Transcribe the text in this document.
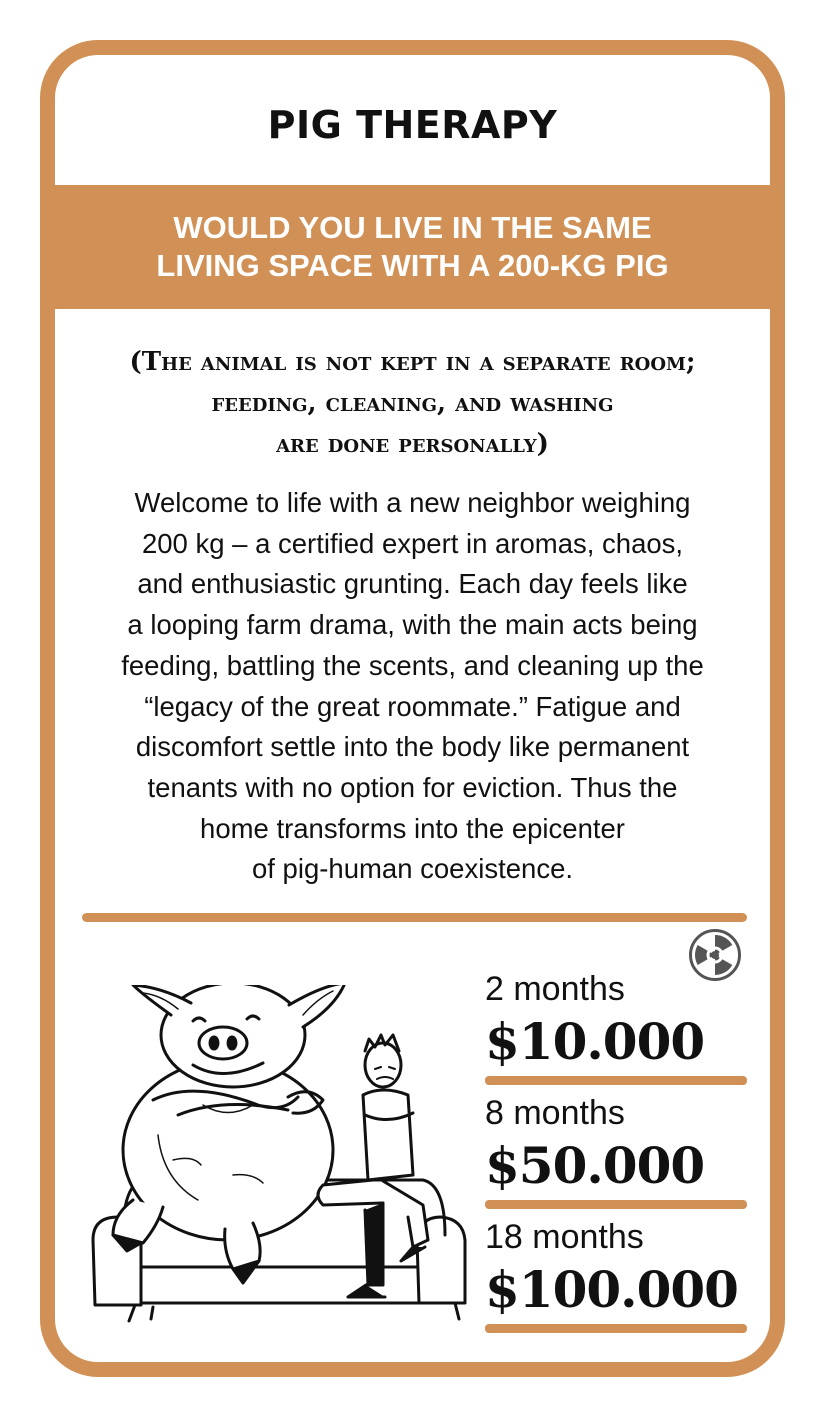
PIG THERAPY
WOULD YOU LIVE IN THE SAME
LIVING SPACE WITH A 200-KG PIG
(The animal is not kept in a separate room;
feeding, cleaning, and washing
are done personally)
Welcome to life with a new neighbor weighing
200 kg – a certified expert in aromas, chaos,
and enthusiastic grunting. Each day feels like
a looping farm drama, with the main acts being
feeding, battling the scents, and cleaning up the
“legacy of the great roommate.” Fatigue and
discomfort settle into the body like permanent
tenants with no option for eviction. Thus the
home transforms into the epicenter
of pig-human coexistence.
2 months
$10.000
8 months
$50.000
18 months
$100.000
